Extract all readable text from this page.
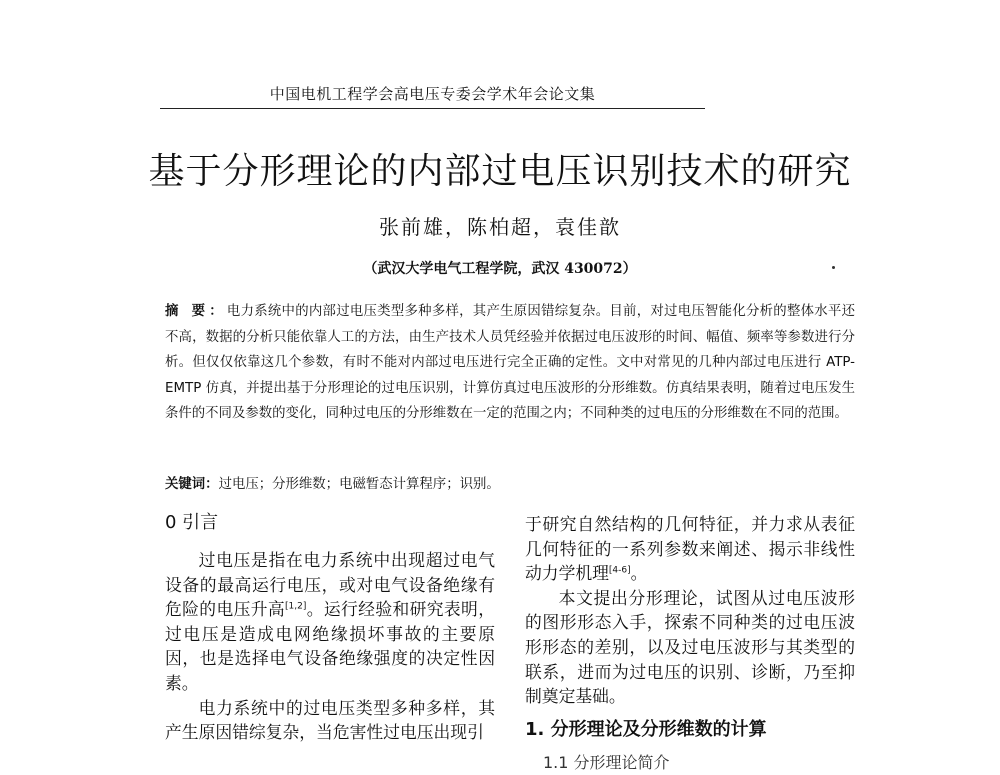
中国电机工程学会高电压专委会学术年会论文集
基于分形理论的内部过电压识别技术的研究
张前雄，陈柏超，袁佳歆
（武汉大学电气工程学院，武汉 430072）
摘 要：电力系统中的内部过电压类型多种多样，其产生原因错综复杂。目前，对过电压智能化分析的整体水平还不高，数据的分析只能依靠人工的方法，由生产技术人员凭经验并依据过电压波形的时间、幅值、频率等参数进行分析。但仅仅依靠这几个参数，有时不能对内部过电压进行完全正确的定性。文中对常见的几种内部过电压进行 ATP-EMTP 仿真，并提出基于分形理论的过电压识别，计算仿真过电压波形的分形维数。仿真结果表明，随着过电压发生条件的不同及参数的变化，同种过电压的分形维数在一定的范围之内；不同种类的过电压的分形维数在不同的范围。
关键词：过电压；分形维数；电磁暂态计算程序；识别。
0 引言

过电压是指在电力系统中出现超过电气设备的最高运行电压，或对电气设备绝缘有危险的电压升高[1,2]。运行经验和研究表明，过电压是造成电网绝缘损坏事故的主要原因，也是选择电气设备绝缘强度的决定性因素。

电力系统中的过电压类型多种多样，其产生原因错综复杂，当危害性过电压出现引

于研究自然结构的几何特征，并力求从表征几何特征的一系列参数来阐述、揭示非线性动力学机理[4-6]。

本文提出分形理论，试图从过电压波形的图形形态入手，探索不同种类的过电压波形形态的差别，以及过电压波形与其类型的联系，进而为过电压的识别、诊断，乃至抑制奠定基础。

1. 分形理论及分形维数的计算
1.1 分形理论简介
